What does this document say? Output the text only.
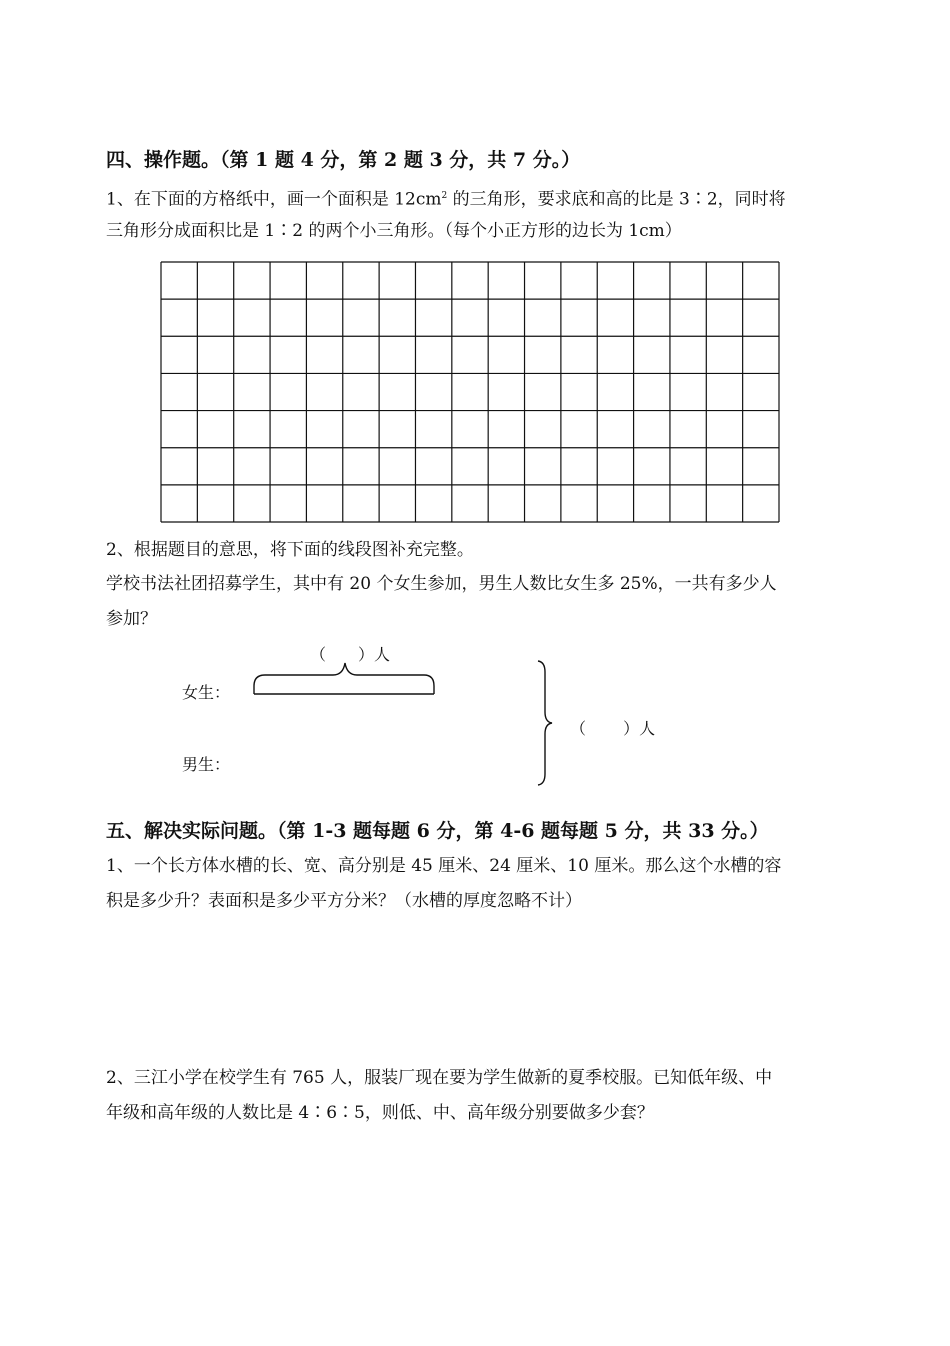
四、操作题。（第 1 题 4 分，第 2 题 3 分，共 7 分。）
1、在下面的方格纸中，画一个面积是 $12cm^2$ 的三角形，要求底和高的比是 3∶2，同时将
三角形分成面积比是 1∶2 的两个小三角形。（每个小正方形的边长为 1cm）
2、根据题目的意思，将下面的线段图补充完整。
学校书法社团招募学生，其中有 20 个女生参加，男生人数比女生多 25%，一共有多少人
参加？
（　　）人
女生：
男生：
（　　 ）人
五、解决实际问题。（第 1-3 题每题 6 分，第 4-6 题每题 5 分，共 33 分。）
1、一个长方体水槽的长、宽、高分别是 45 厘米、24 厘米、10 厘米。那么这个水槽的容
积是多少升？表面积是多少平方分米？（水槽的厚度忽略不计）
2、三江小学在校学生有 765 人，服装厂现在要为学生做新的夏季校服。已知低年级、中
年级和高年级的人数比是 4∶6∶5，则低、中、高年级分别要做多少套？
